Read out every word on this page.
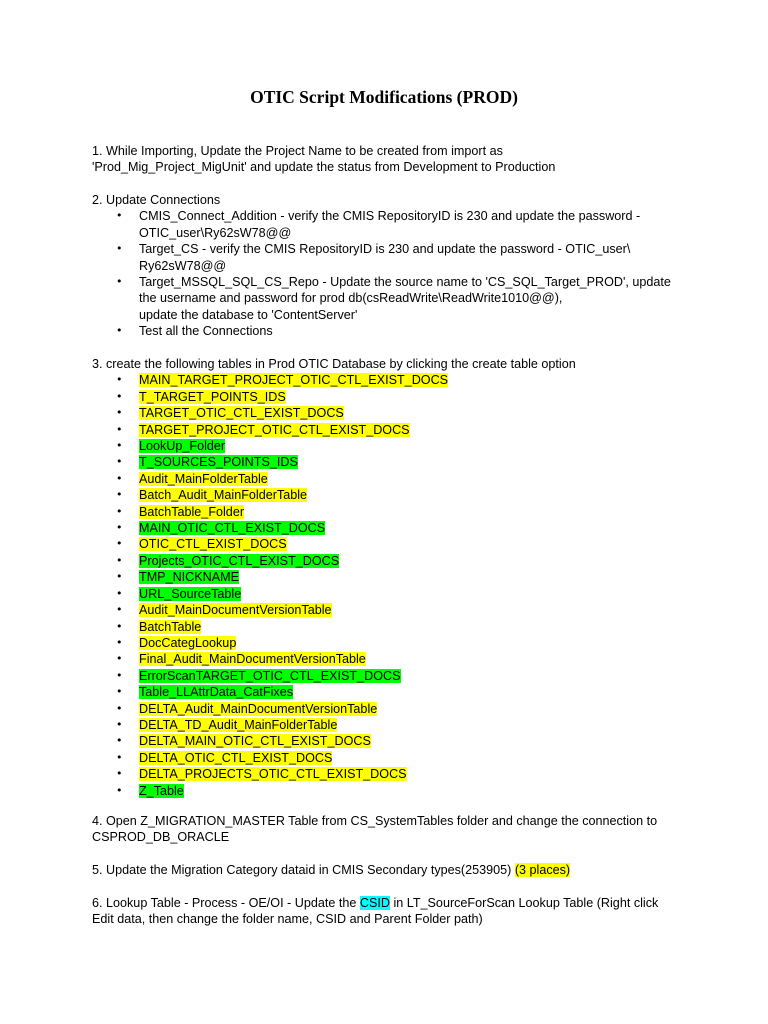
OTIC Script Modifications (PROD)

1. While Importing, Update the Project Name to be created from import as

'Prod_Mig_Project_MigUnit' and update the status from Development to Production

2. Update Connections

• CMIS_Connect_Addition - verify the CMIS RepositoryID is 230 and update the password -
OTIC_user\Ry62sW78@@
• Target_CS - verify the CMIS RepositoryID is 230 and update the password - OTIC_user\
Ry62sW78@@
• Target_MSSQL_SQL_CS_Repo - Update the source name to 'CS_SQL_Target_PROD', update
the username and password for prod db(csReadWrite\ReadWrite1010@@),
update the database to 'ContentServer'
• Test all the Connections

3. create the following tables in Prod OTIC Database by clicking the create table option

• MAIN_TARGET_PROJECT_OTIC_CTL_EXIST_DOCS
• T_TARGET_POINTS_IDS
• TARGET_OTIC_CTL_EXIST_DOCS
• TARGET_PROJECT_OTIC_CTL_EXIST_DOCS
• LookUp_Folder
• T_SOURCES_POINTS_IDS
• Audit_MainFolderTable
• Batch_Audit_MainFolderTable
• BatchTable_Folder
• MAIN_OTIC_CTL_EXIST_DOCS
• OTIC_CTL_EXIST_DOCS
• Projects_OTIC_CTL_EXIST_DOCS
• TMP_NICKNAME
• URL_SourceTable
• Audit_MainDocumentVersionTable
• BatchTable
• DocCategLookup
• Final_Audit_MainDocumentVersionTable
• ErrorScanTARGET_OTIC_CTL_EXIST_DOCS
• Table_LLAttrData_CatFixes
• DELTA_Audit_MainDocumentVersionTable
• DELTA_TD_Audit_MainFolderTable
• DELTA_MAIN_OTIC_CTL_EXIST_DOCS
• DELTA_OTIC_CTL_EXIST_DOCS
• DELTA_PROJECTS_OTIC_CTL_EXIST_DOCS
• Z_Table

4. Open Z_MIGRATION_MASTER Table from CS_SystemTables folder and change the connection to

CSPROD_DB_ORACLE

5. Update the Migration Category dataid in CMIS Secondary types(253905) (3 places)

6. Lookup Table - Process - OE/OI - Update the CSID in LT_SourceForScan Lookup Table (Right click

Edit data, then change the folder name, CSID and Parent Folder path)
